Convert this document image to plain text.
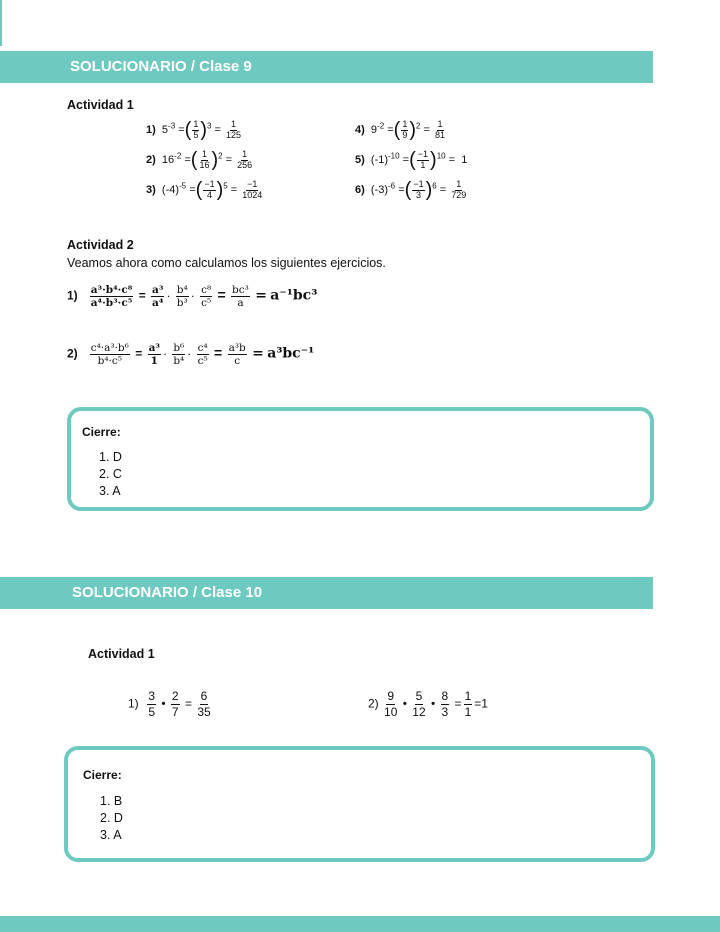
SOLUCIONARIO / Clase 9
Actividad 1
1) $5^{-3}$ =( $\frac{1}{5} )^3 = \frac{1}{125}$
2) $16^{-2}$ =( $\frac{1}{16} )^2 = \frac{1}{256}$
3) $(-4)^{-5}$ =( $\frac{-1}{4} )^5 = \frac{-1}{1024}$
4) $9^{-2}$ =( $\frac{1}{9} )^2 = \frac{1}{81}$
5) $(-1)^{-10}$ =( $\frac{-1}{1} )^{10} = 1$
6) $(-3)^{-6}$ =( $\frac{-1}{3} )^6 = \frac{1}{729}$
Actividad 2
Veamos ahora como calculamos los siguientes ejercicios.
$1) \frac{\text{a³·b⁴·c⁸}}{\text{a⁴·b³·c⁵}} = \frac{\text{a³}}{\text{a⁴}} \cdot \frac{\text{b⁴}}{\text{b³}} \cdot \frac{\text{c⁸}}{\text{c⁵}} = \frac{\text{bc³}}{a} = a^{-1}bc^3$
$2) \frac{\text{c⁴·a³·b⁶}}{\text{b⁴·c⁵}} = \frac{\text{a³}}{1} \cdot \frac{\text{b⁶}}{\text{b⁴}} \cdot \frac{\text{c⁴}}{\text{c⁵}} = \frac{\text{a³b}}{c} = a^3bc^{-1}$
Cierre:
1. D
2. C
3. A
SOLUCIONARIO / Clase 10
Actividad 1
$1) \frac{3}{5}$ • $\frac{2}{7} = \frac{6}{35}$	$2) \frac{9}{10}$ • $\frac{5}{12}$ • $\frac{8}{3} = \frac{1}{1} =1$
Cierre:
1. B
2. D
3. A
